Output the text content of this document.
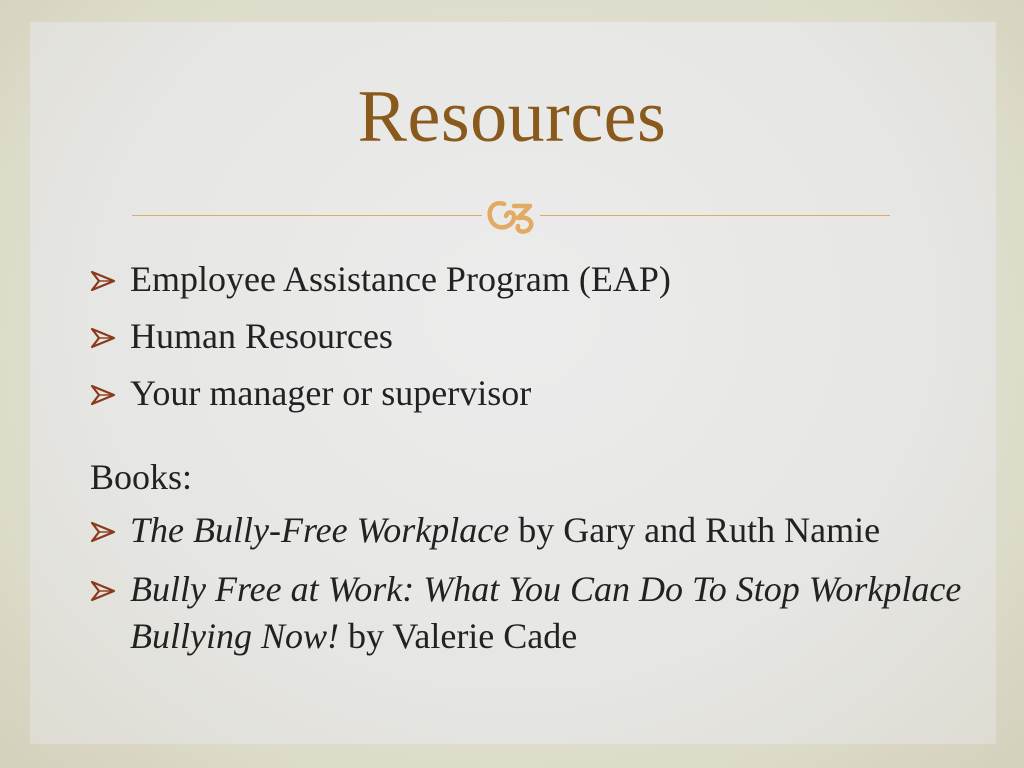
Resources
Employee Assistance Program (EAP)
Human Resources
Your manager or supervisor
Books:
The Bully-Free Workplace by Gary and Ruth Namie
Bully Free at Work: What You Can Do To Stop Workplace Bullying Now! by Valerie Cade
